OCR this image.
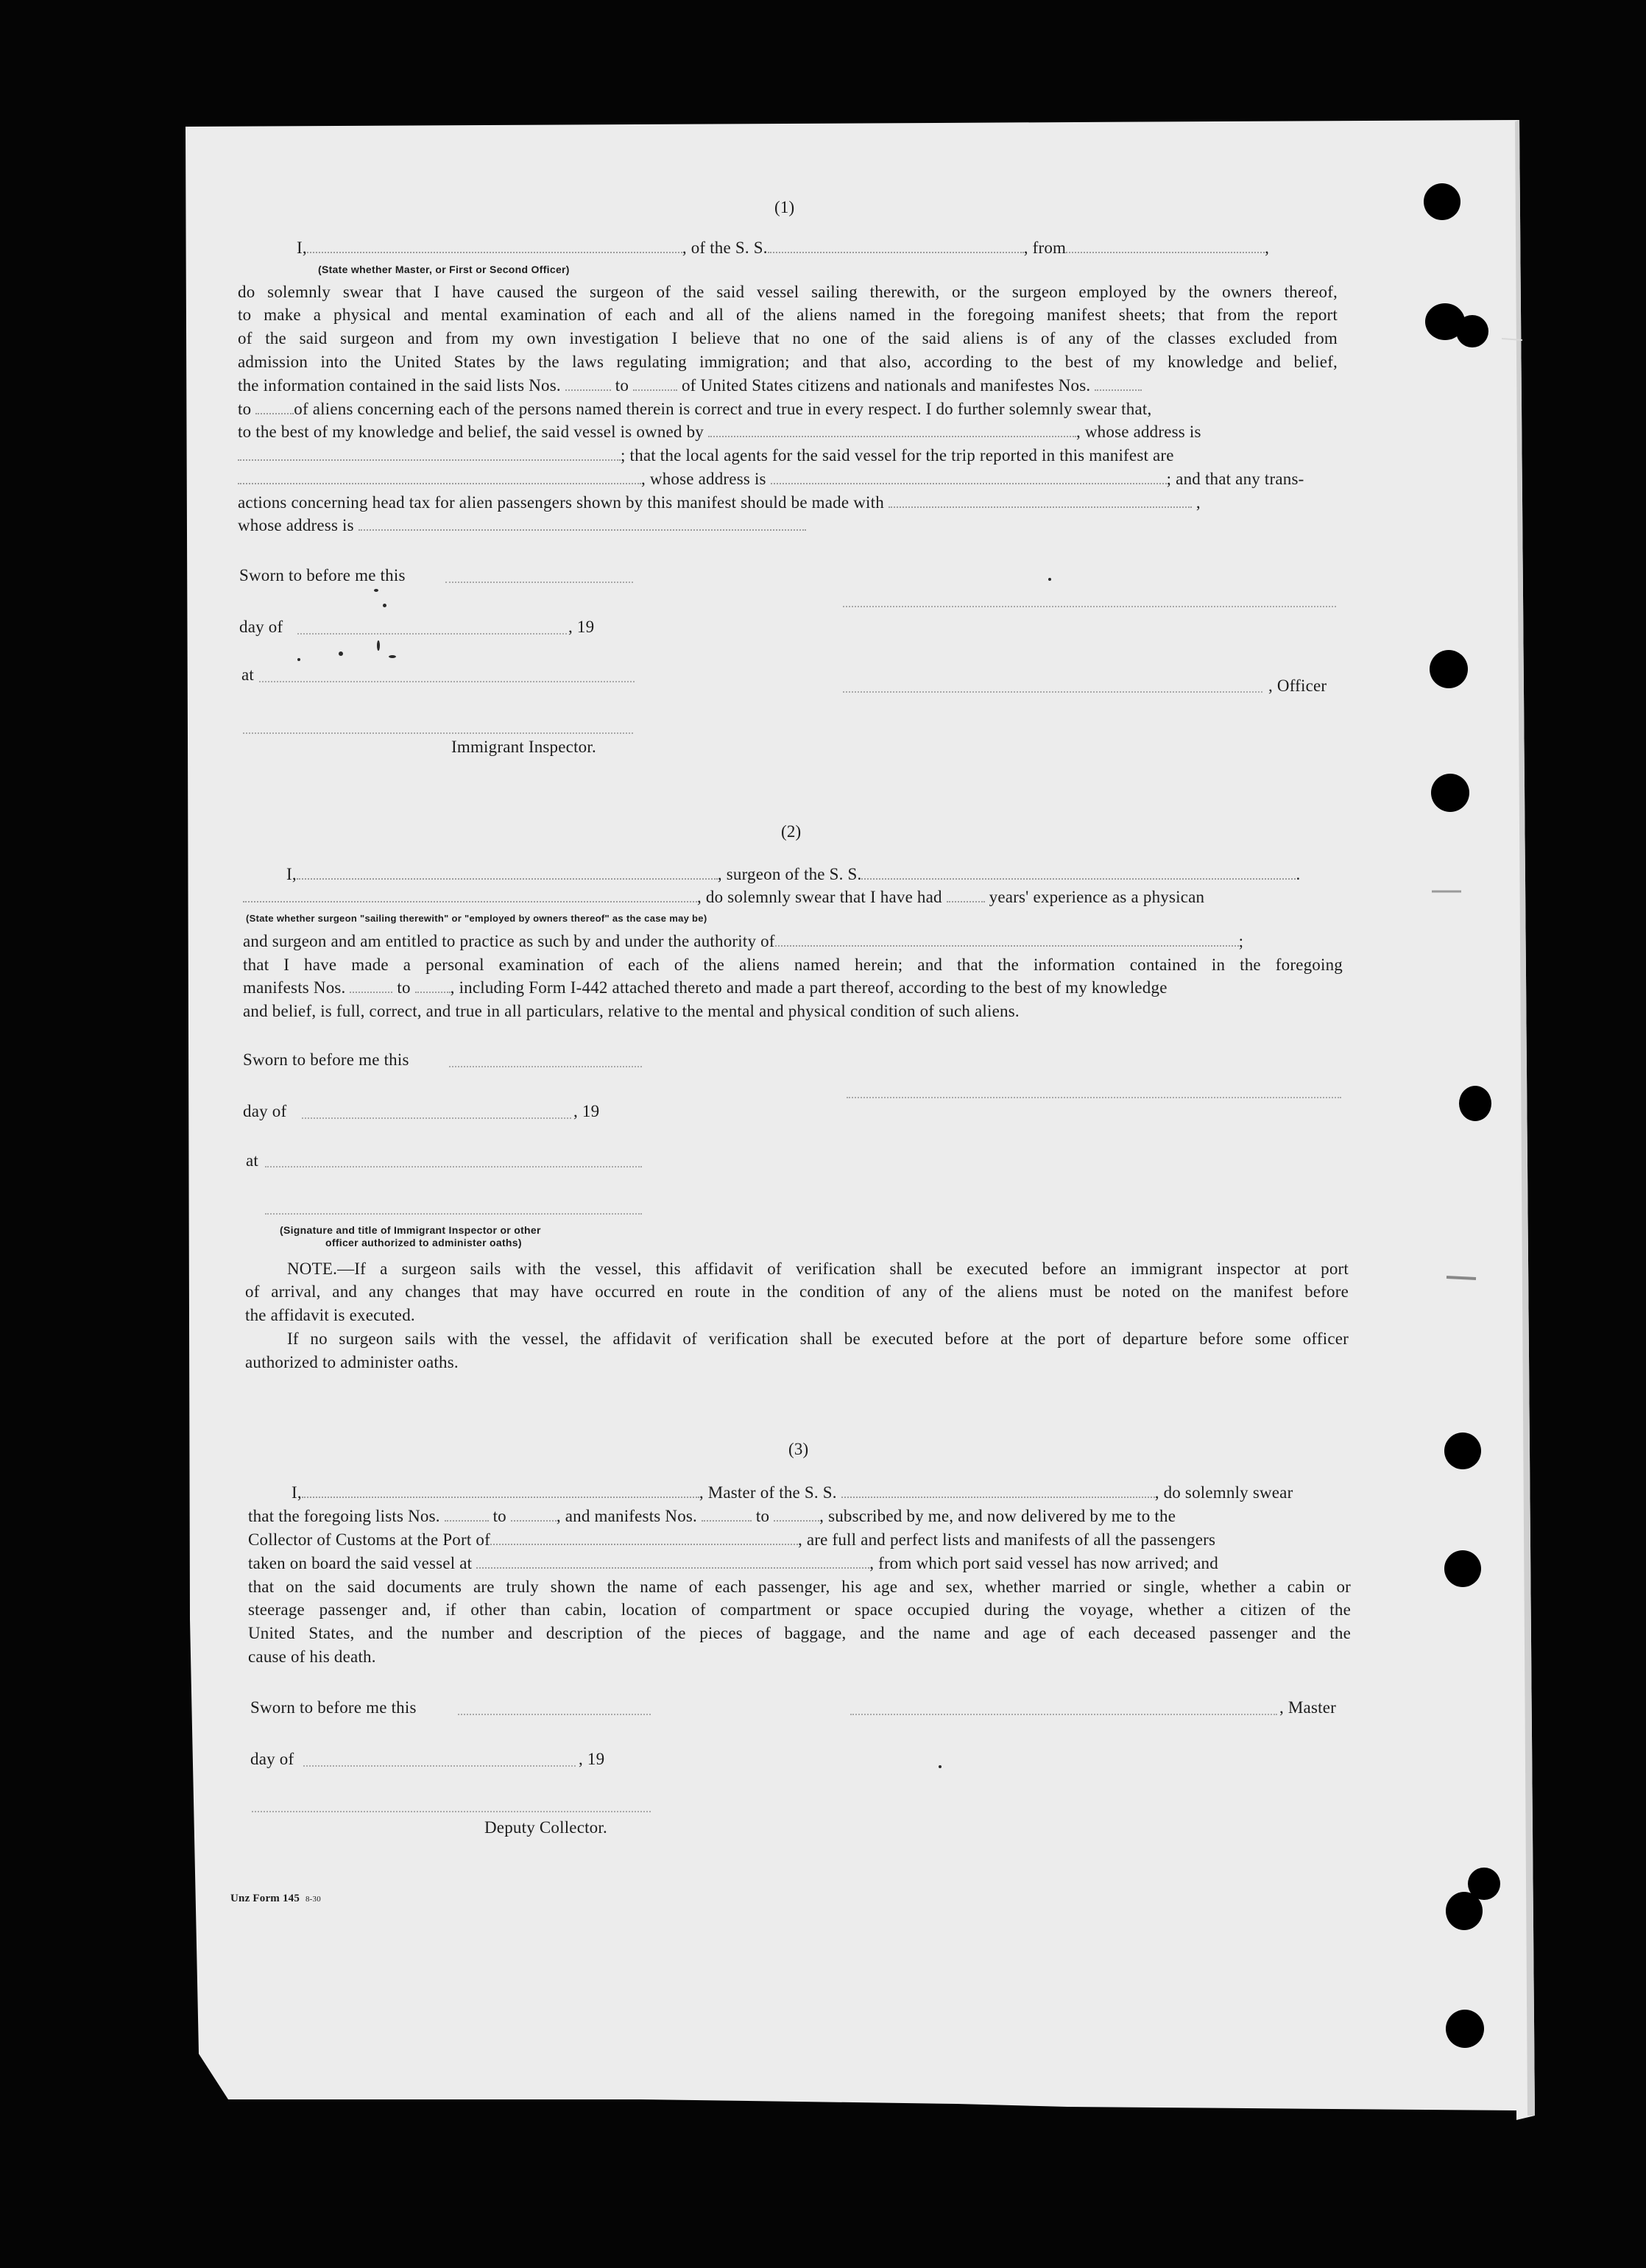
(1)
I,	, of the S. S.	, from	,
(State whether Master, or First or Second Officer)
do solemnly swear that I have caused the surgeon of the said vessel sailing therewith, or the surgeon employed by the owners thereof,
to make a physical and mental examination of each and all of the aliens named in the foregoing manifest sheets; that from the report
of the said surgeon and from my own investigation I believe that no one of the said aliens is of any of the classes excluded from
admission into the United States by the laws regulating immigration; and that also, according to the best of my knowledge and belief,
the information contained in the said lists Nos.	to	of United States citizens and nationals and manifestes Nos.
to	of aliens concerning each of the persons named therein is correct and true in every respect. I do further solemnly swear that,
to the best of my knowledge and belief, the said vessel is owned by	, whose address is
; that the local agents for the said vessel for the trip reported in this manifest are
, whose address is	; and that any trans-
actions concerning head tax for alien passengers shown by this manifest should be made with	,
whose address is
Sworn to before me this
day of	, 19
at
, Officer
Immigrant Inspector.
(2)
I,	, surgeon of the S. S.	.
, do solemnly swear that I have had	years' experience as a physican
(State whether surgeon "sailing therewith" or "employed by owners thereof" as the case may be)
and surgeon and am entitled to practice as such by and under the authority of	;
that I have made a personal examination of each of the aliens named herein; and that the information contained in the foregoing
manifests Nos.	to , including Form I-442 attached thereto and made a part thereof, according to the best of my knowledge
and belief, is full, correct, and true in all particulars, relative to the mental and physical condition of such aliens.
Sworn to before me this
day of	, 19
at
(Signature and title of Immigrant Inspector or other
officer authorized to administer oaths)
NOTE.—If a surgeon sails with the vessel, this affidavit of verification shall be executed before an immigrant inspector at port
of arrival, and any changes that may have occurred en route in the condition of any of the aliens must be noted on the manifest before
the affidavit is executed.
If no surgeon sails with the vessel, the affidavit of verification shall be executed before at the port of departure before some officer
authorized to administer oaths.
(3)
I,	, Master of the S. S.	, do solemnly swear
that the foregoing lists Nos.	to	, and manifests Nos.	to	, subscribed by me, and now delivered by me to the
Collector of Customs at the Port of	, are full and perfect lists and manifests of all the passengers
taken on board the said vessel at	, from which port said vessel has now arrived; and
that on the said documents are truly shown the name of each passenger, his age and sex, whether married or single, whether a cabin or
steerage passenger and, if other than cabin, location of compartment or space occupied during the voyage, whether a citizen of the
United States, and the number and description of the pieces of baggage, and the name and age of each deceased passenger and the
cause of his death.
Sworn to before me this	, Master
day of	, 19
Deputy Collector.
Unz Form 145 8-30
